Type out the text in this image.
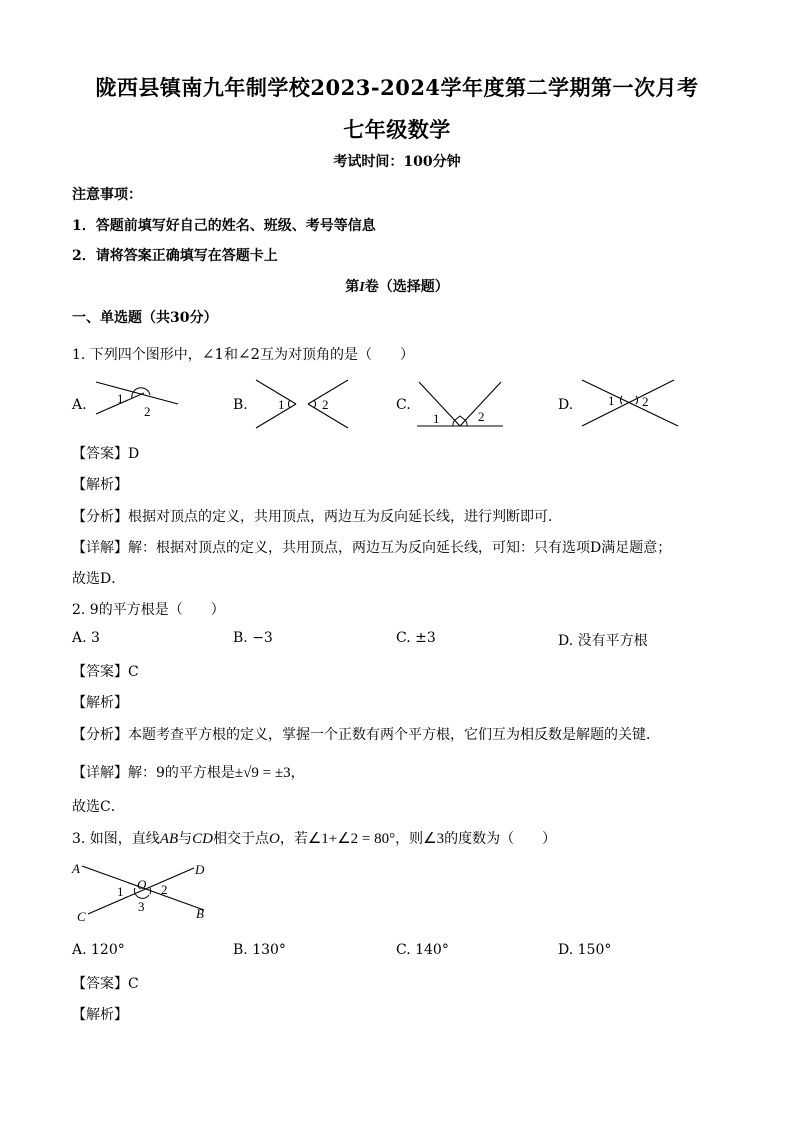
陇西县镇南九年制学校2023-2024学年度第二学期第一次月考
七年级数学
考试时间：100分钟
注意事项：
1．答题前填写好自己的姓名、班级、考号等信息
2．请将答案正确填写在答题卡上
第I卷（选择题）
一、单选题（共30分）
1. 下列四个图形中，∠1和∠2互为对顶角的是（　　）
A. 1
2	B. 1	2	C.
1	2
D.	1 2
【答案】D
【解析】
【分析】根据对顶点的定义，共用顶点，两边互为反向延长线，进行判断即可．
【详解】解：根据对顶点的定义，共用顶点，两边互为反向延长线，可知：只有选项D满足题意；
故选D．
2. 9的平方根是（　　）
A. 3	B. −3	C. ±3	D. 没有平方根
【答案】C
【解析】
【分析】本题考查平方根的定义，掌握一个正数有两个平方根，它们互为相反数是解题的关键．
【详解】解：9的平方根是±√9 = ±3，
故选C．
3. 如图，直线AB与CD相交于点O，若∠1+∠2 = 80°，则∠3的度数为（　　）
A	D
O
1	2
3
C	B
A. 120°	B. 130°	C. 140°	D. 150°
【答案】C
【解析】
